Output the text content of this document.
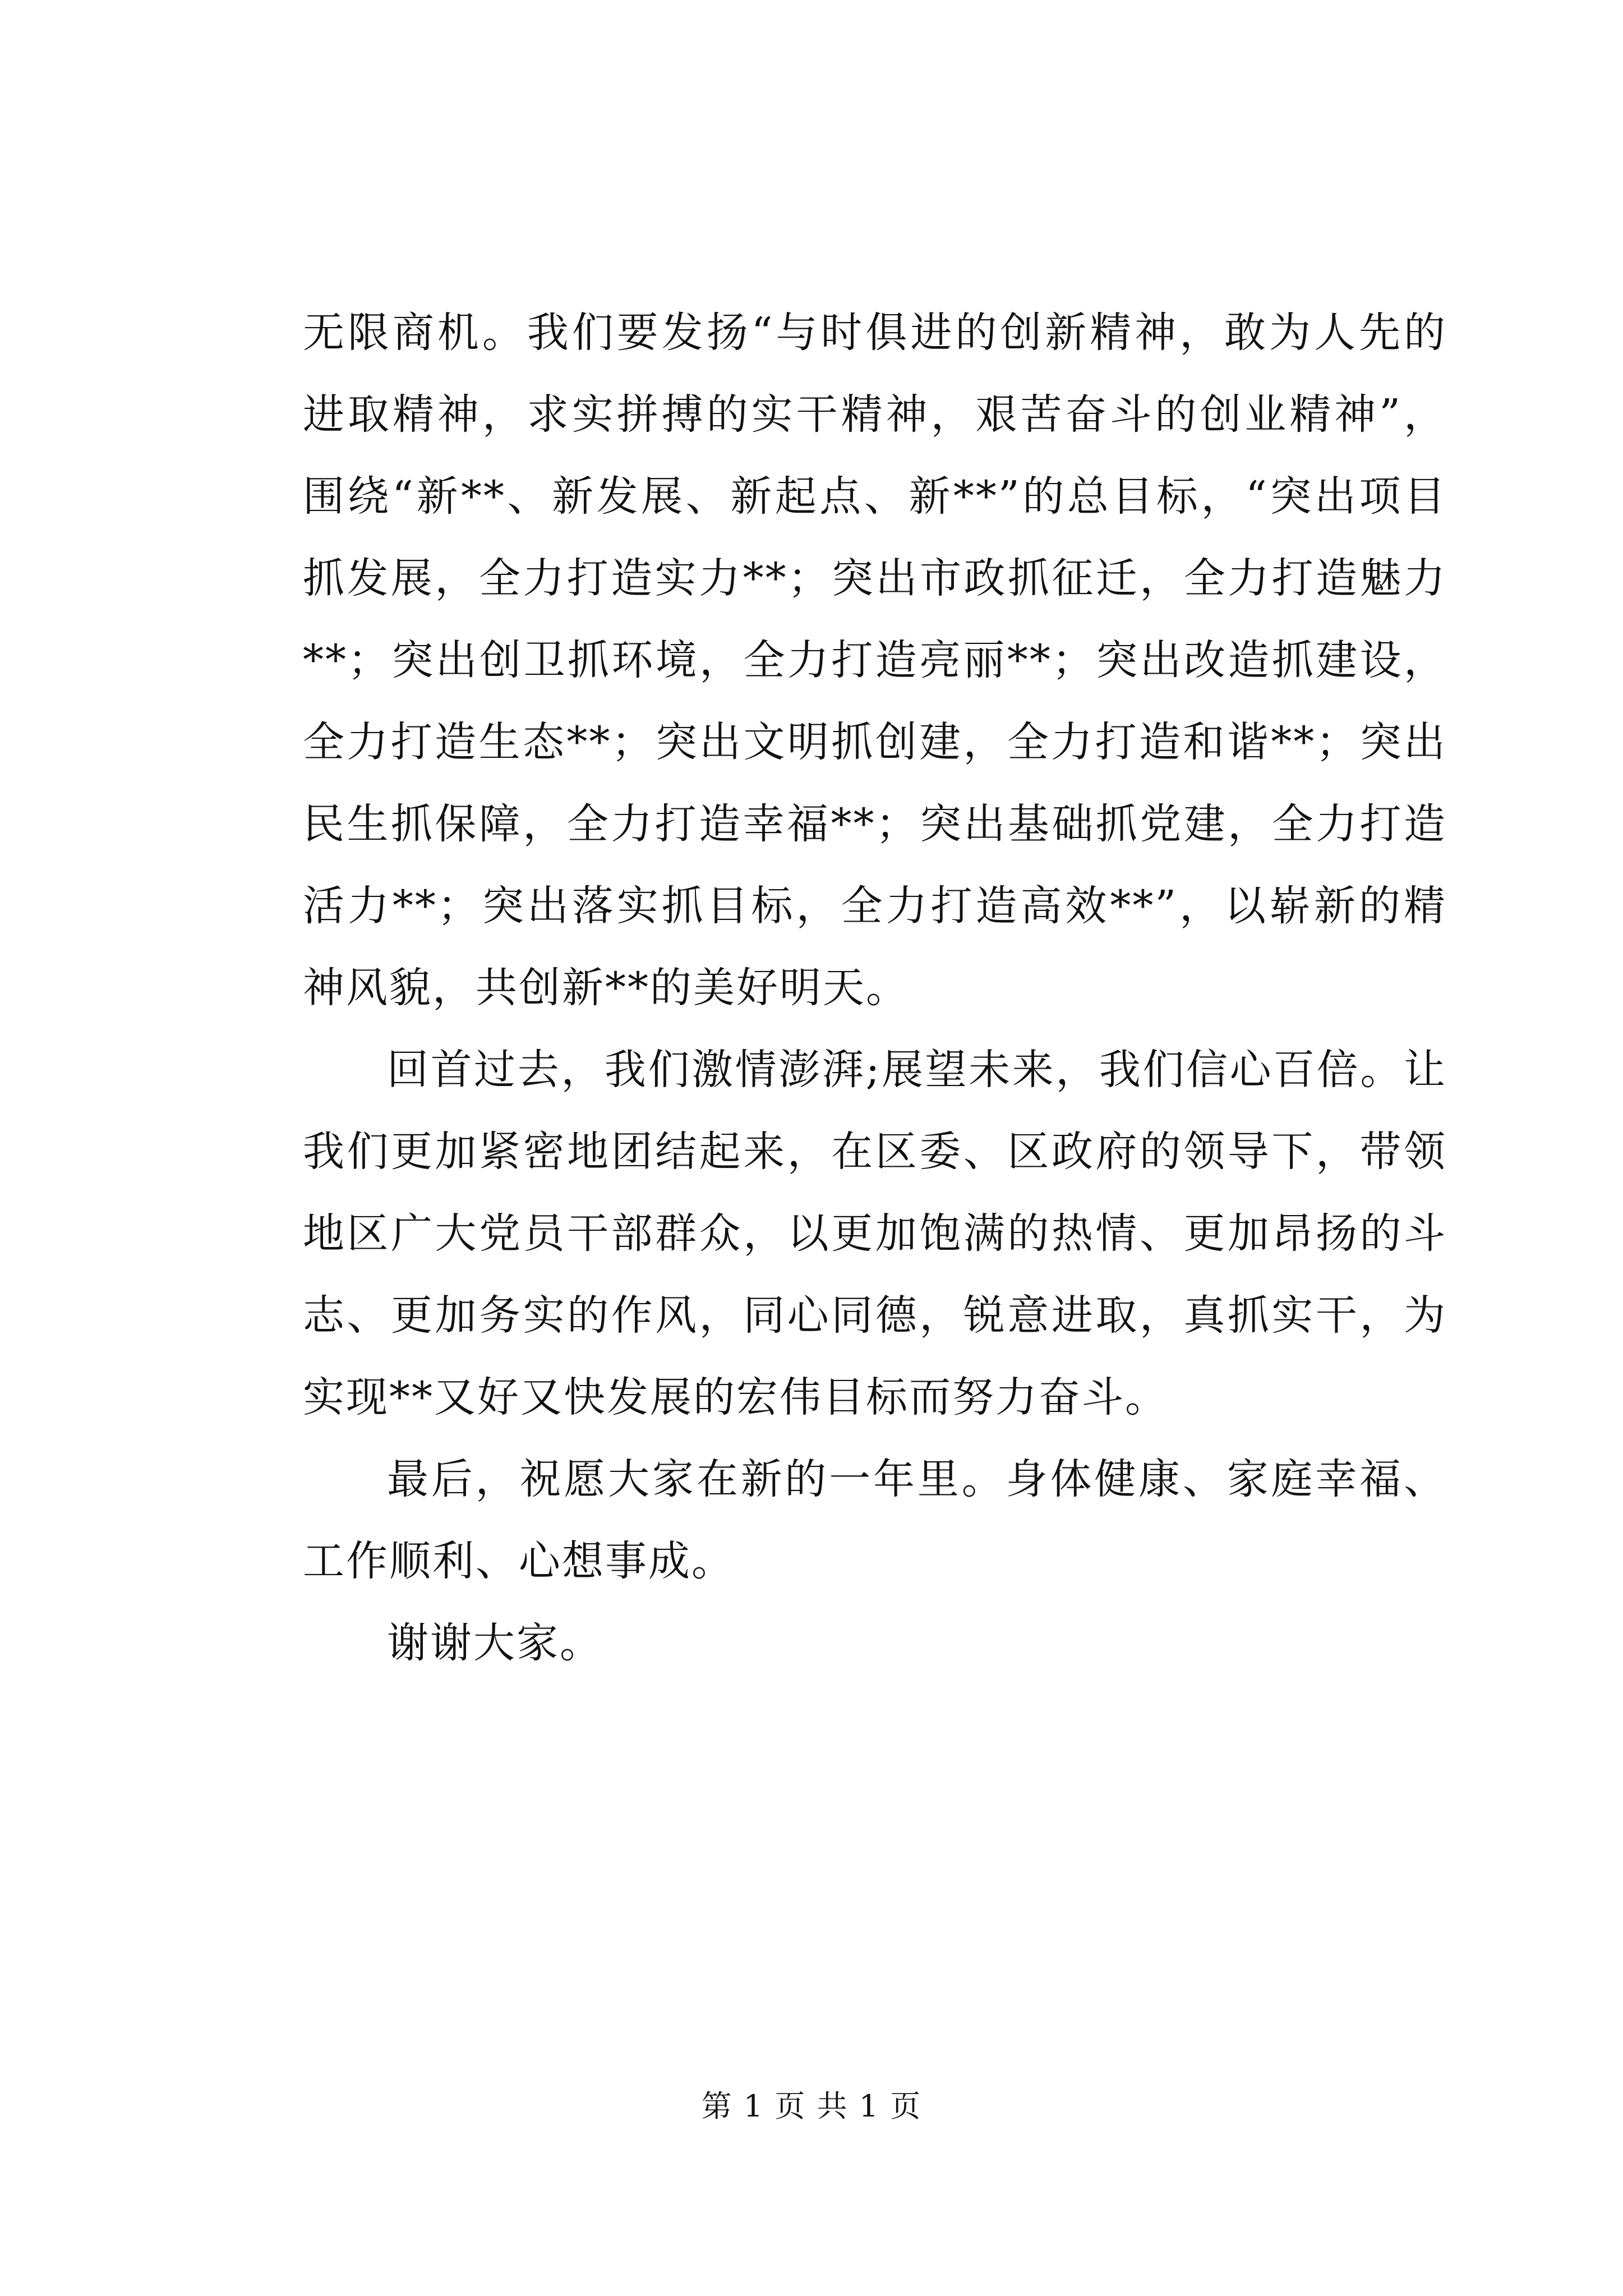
无限商机。我们要发扬“与时俱进的创新精神，敢为人先的进取精神，求实拼搏的实干精神，艰苦奋斗的创业精神”，围绕“新**、新发展、新起点、新**”的总目标，“突出项目抓发展，全力打造实力**；突出市政抓征迁，全力打造魅力**；突出创卫抓环境，全力打造亮丽**；突出改造抓建设，全力打造生态**；突出文明抓创建，全力打造和谐**；突出民生抓保障，全力打造幸福**；突出基础抓党建，全力打造活力**；突出落实抓目标，全力打造高效**”，以崭新的精神风貌，共创新**的美好明天。

回首过去，我们激情澎湃;展望未来，我们信心百倍。让我们更加紧密地团结起来，在区委、区政府的领导下，带领地区广大党员干部群众，以更加饱满的热情、更加昂扬的斗志、更加务实的作风，同心同德，锐意进取，真抓实干，为实现**又好又快发展的宏伟目标而努力奋斗。

最后，祝愿大家在新的一年里。身体健康、家庭幸福、工作顺利、心想事成。

谢谢大家。

第 1 页 共 1 页
